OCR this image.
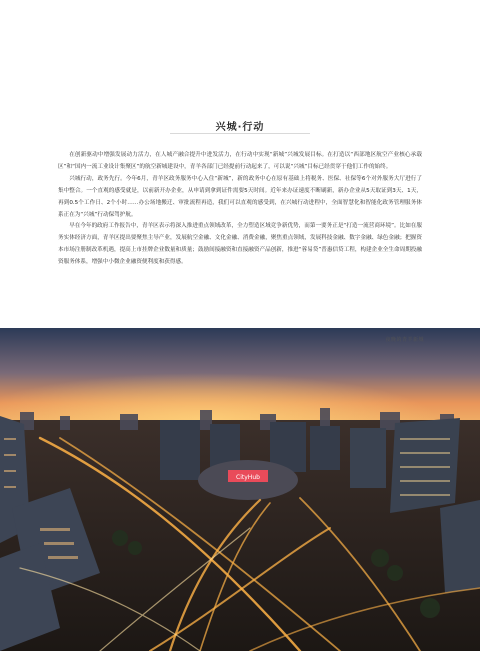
兴城·行动

在创新驱动中增强发展动力活力，在人城产融合提升中进发活力，在行动中实现“新城”兴城发展目标。在打造以“西部地区航空产业核心承载区”和“国内一流工业设计集聚区”的航空新城建设中，青羊各部门已经提前行动起来了，可以说“兴城”目标已经贯穿于他们工作的始终。

兴城行动，政务先行。今年6月，青羊区政务服务中心入住“新城”，新的政务中心在原有基础上将税务、医保、社保等6个对外服务大厅进行了集中整合。一个直观的感受就是，以前新开办企业，从申请到拿到证件需要5天时间。近年来办证速度不断刷新，新办企业从5天取证到3天、1天，再到0.5个工作日、2个小时……办公场地搬迁、审批流程再造，我们可以直观的感受到，在兴城行动进程中，全面智慧化和智能化政务管理服务体系正在为“兴城”行动保驾护航。

早在今年的政府工作报告中，青羊区表示将深入推进重点领域改革，全力塑造区域竞争新优势，而第一要务正是“打造一流营商环境”。比如在服务实体经济方面，青羊区提出要聚焦主导产业，发展航空金融、文化金融、消费金融，聚焦重点领域，发展科技金融、数字金融、绿色金融；把握资本市场注册制改革机遇，提高上市挂牌企业数量和质量；鼓励间接融资和直接融资产品创新，推进“蓉易贷”普惠信贷工程，构建企业全生命周期投融资服务体系，增强中小微企业融资便利度和获得感。

CityHub
夜晚的青羊新城
